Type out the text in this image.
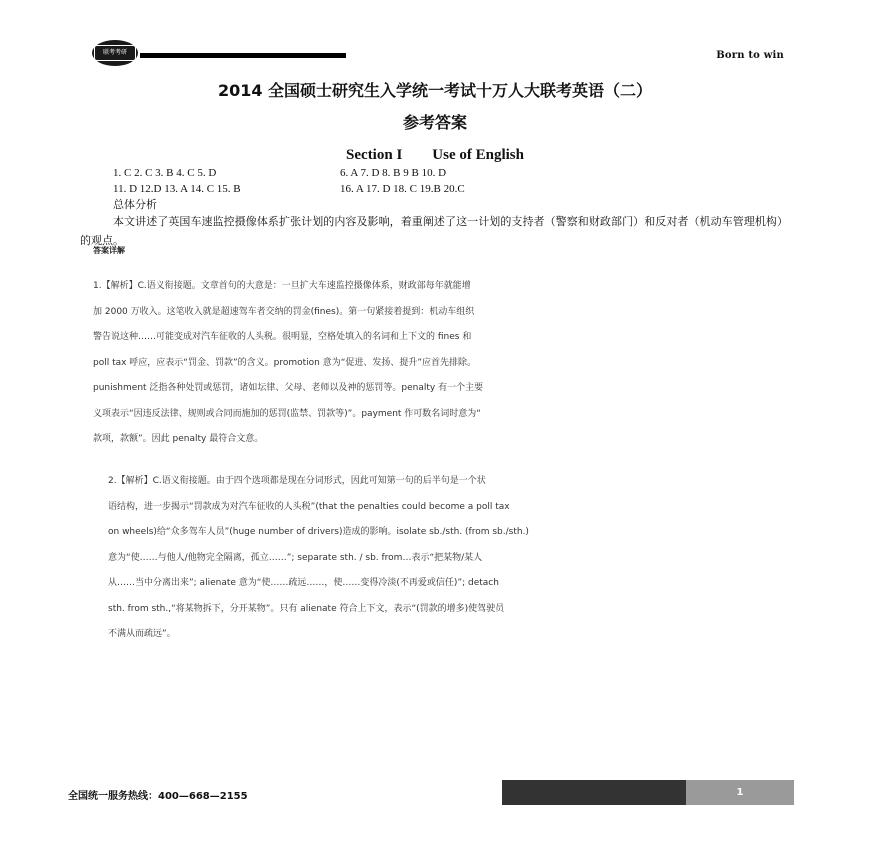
联考考研	Born to win
2014 全国硕士研究生入学统一考试十万人大联考英语（二）
参考答案
Section I Use of English
1. C 2. C 3. B 4. C 5. D	6. A 7. D 8. B 9 B 10. D
11. D 12.D 13. A 14. C 15. B	16. A 17. D 18. C 19.B 20.C
总体分析
本文讲述了英国车速监控摄像体系扩张计划的内容及影响，着重阐述了这一计划的支持者（警察和财政部门）和反对者（机动车管理机构）的观点。
答案详解
1.【解析】C.语义衔接题。文章首句的大意是：一旦扩大车速监控摄像体系，财政部每年就能增
加 2000 万收入。这笔收入就是超速驾车者交纳的罚金(fines)。第一句紧接着提到：机动车组织
警告说这种……可能变成对汽车征收的人头税。很明显，空格处填入的名词和上下文的 fines 和
poll tax 呼应，应表示“罚金、罚款”的含义。promotion 意为“促进、发扬、提升”应首先排除。
punishment 泛指各种处罚或惩罚，诸如坛律、父母、老师以及神的惩罚等。penalty 有一个主要
义项表示“因违反法律、规则或合同而施加的惩罚(监禁、罚款等)”。payment 作可数名词时意为“
款项，款额”。因此 penalty 最符合文意。
2.【解析】C.语义衔接题。由于四个选项都是现在分词形式，因此可知第一句的后半句是一个状
语结构，进一步揭示“罚款成为对汽车征收的人头税”(that the penalties could become a poll tax
on wheels)给“众多驾车人员”(huge number of drivers)造成的影响。isolate sb./sth. (from sb./sth.)
意为“使……与他人/他物完全隔离，孤立……”; separate sth. / sb. from…表示“把某物/某人
从……当中分离出来”; alienate 意为“使……疏远……，使……变得冷淡(不再爱或信任)”; detach
sth. from sth.,“将某物拆下，分开某物”。只有 alienate 符合上下文，表示“(罚款的增多)使驾驶员
不满从而疏远”。
全国统一服务热线：400—668—2155	1
